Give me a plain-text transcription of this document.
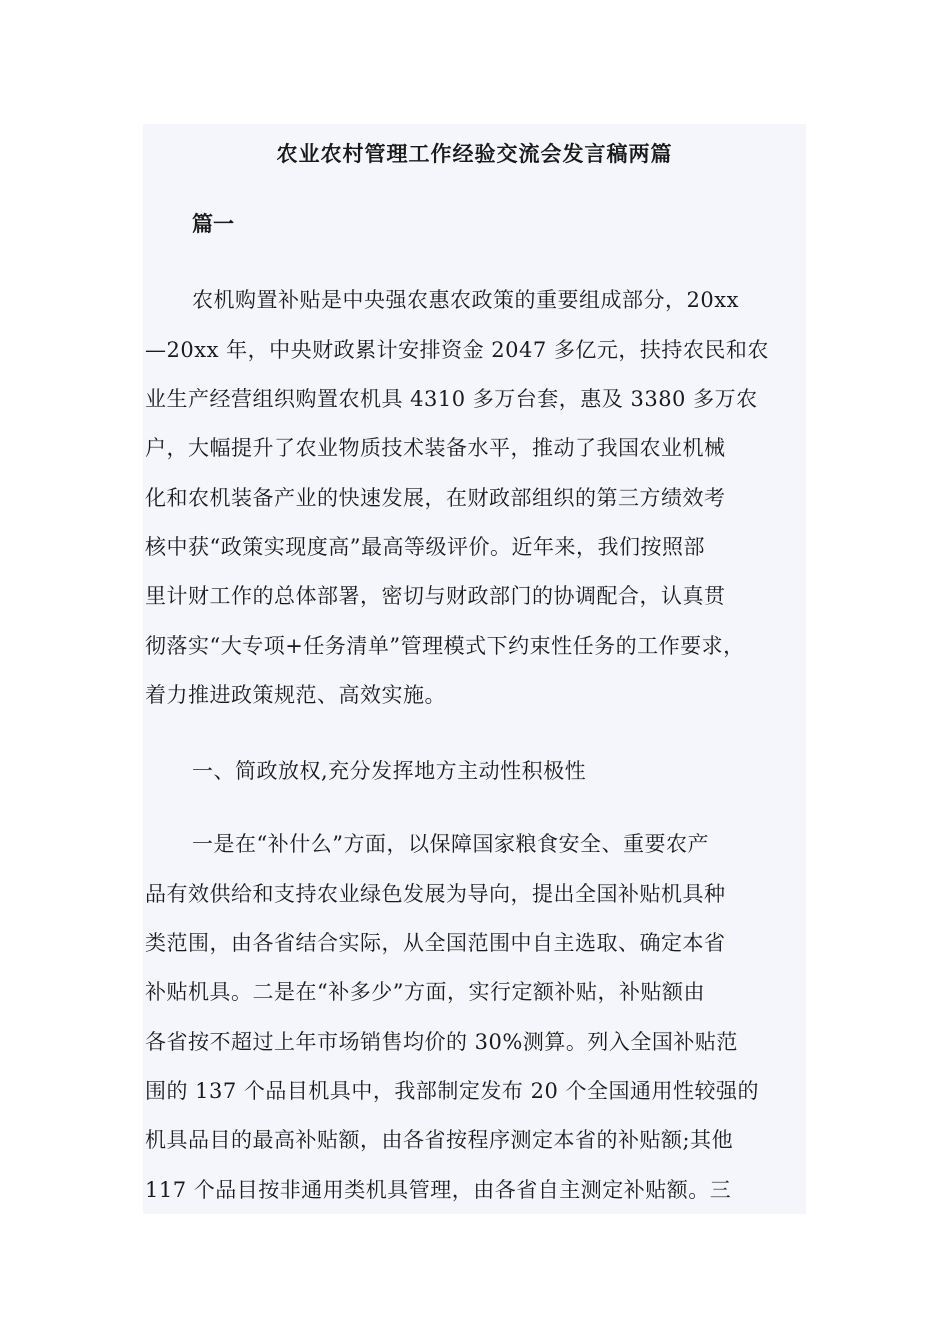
农业农村管理工作经验交流会发言稿两篇
篇一
农机购置补贴是中央强农惠农政策的重要组成部分，20xx
—20xx 年，中央财政累计安排资金 2047 多亿元，扶持农民和农
业生产经营组织购置农机具 4310 多万台套，惠及 3380 多万农
户，大幅提升了农业物质技术装备水平，推动了我国农业机械
化和农机装备产业的快速发展，在财政部组织的第三方绩效考
核中获“政策实现度高”最高等级评价。近年来，我们按照部
里计财工作的总体部署，密切与财政部门的协调配合，认真贯
彻落实“大专项+任务清单”管理模式下约束性任务的工作要求，
着力推进政策规范、高效实施。
一、简政放权,充分发挥地方主动性积极性
一是在“补什么”方面，以保障国家粮食安全、重要农产
品有效供给和支持农业绿色发展为导向，提出全国补贴机具种
类范围，由各省结合实际，从全国范围中自主选取、确定本省
补贴机具。二是在“补多少”方面，实行定额补贴，补贴额由
各省按不超过上年市场销售均价的 30%测算。列入全国补贴范
围的 137 个品目机具中，我部制定发布 20 个全国通用性较强的
机具品目的最高补贴额，由各省按程序测定本省的补贴额;其他
117 个品目按非通用类机具管理，由各省自主测定补贴额。三
